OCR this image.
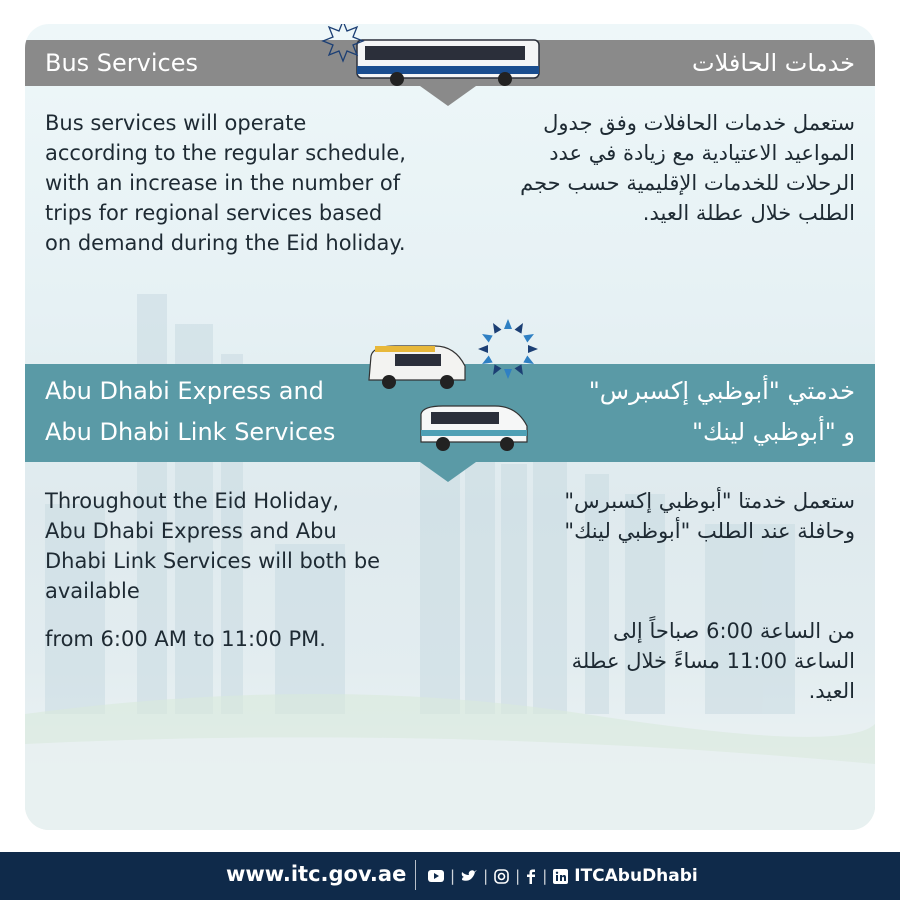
Bus Services	خدمات الحافلات

Bus services will operate according to the regular schedule, with an increase in the number of trips for regional services based on demand during the Eid holiday.

ستعمل خدمات الحافلات وفق جدول المواعيد الاعتيادية مع زيادة في عدد الرحلات للخدمات الإقليمية حسب حجم الطلب خلال عطلة العيد.

Abu Dhabi Express and
Abu Dhabi Link Services
خدمتي "أبوظبي إكسبرس"
و "أبوظبي لينك"

Throughout the Eid Holiday, Abu Dhabi Express and Abu Dhabi Link Services will both be available

from 6:00 AM to 11:00 PM.

ستعمل خدمتا "أبوظبي إكسبرس" وحافلة عند الطلب "أبوظبي لينك"

من الساعة 6:00 صباحاً إلى الساعة 11:00 مساءً خلال عطلة العيد.

www.itc.gov.ae	| | | | ITCAbuDhabi
